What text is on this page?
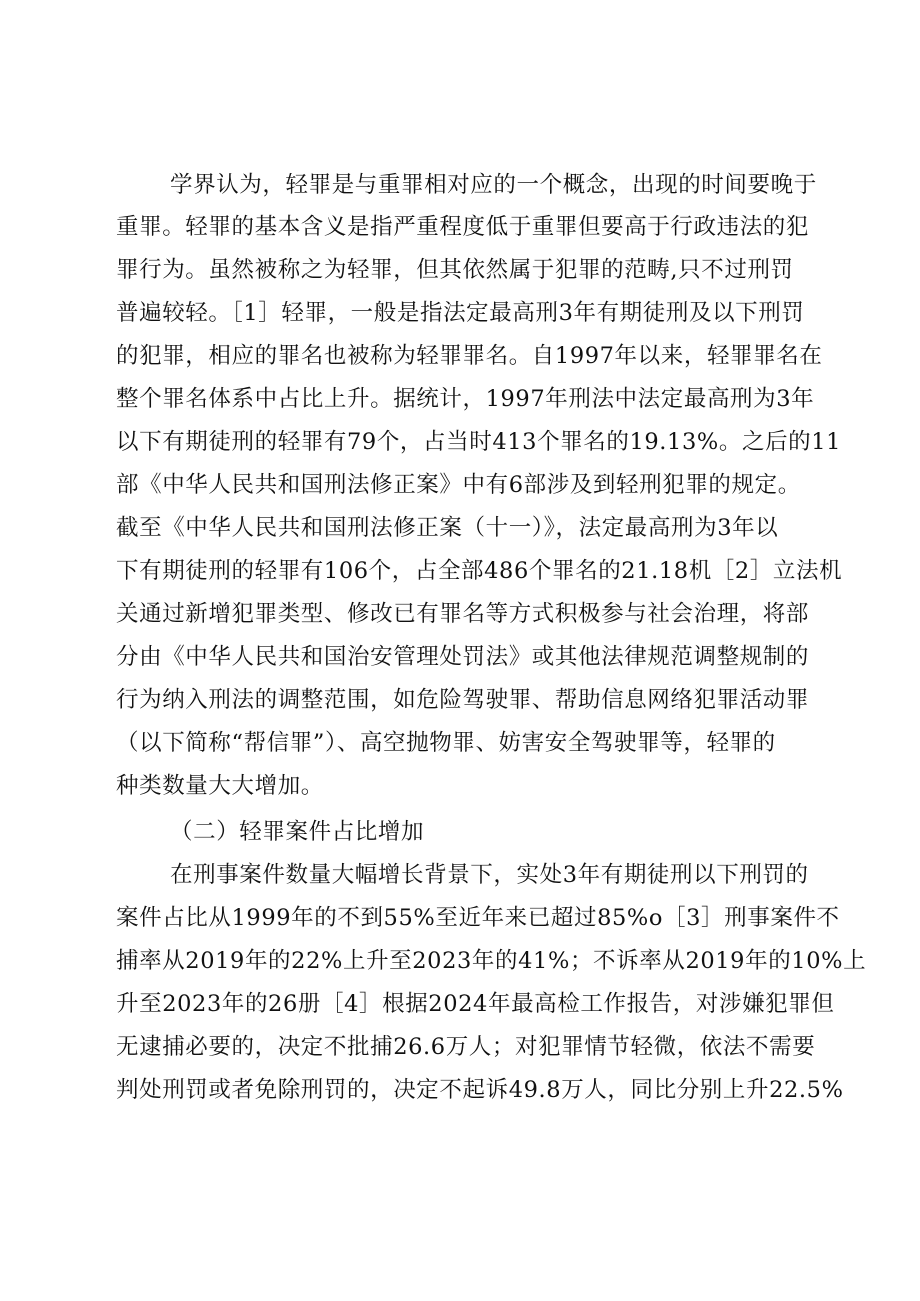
学界认为，轻罪是与重罪相对应的一个概念，出现的时间要晚于
重罪。轻罪的基本含义是指严重程度低于重罪但要高于行政违法的犯
罪行为。虽然被称之为轻罪，但其依然属于犯罪的范畴,只不过刑罚
普遍较轻。［1］轻罪，一般是指法定最高刑3年有期徒刑及以下刑罚
的犯罪，相应的罪名也被称为轻罪罪名。自1997年以来，轻罪罪名在
整个罪名体系中占比上升。据统计，1997年刑法中法定最高刑为3年
以下有期徒刑的轻罪有79个，占当时413个罪名的19.13%。之后的11
部《中华人民共和国刑法修正案》中有6部涉及到轻刑犯罪的规定。
截至《中华人民共和国刑法修正案（十一）》，法定最高刑为3年以
下有期徒刑的轻罪有106个，占全部486个罪名的21.18机［2］立法机
关通过新增犯罪类型、修改已有罪名等方式积极参与社会治理，将部
分由《中华人民共和国治安管理处罚法》或其他法律规范调整规制的
行为纳入刑法的调整范围，如危险驾驶罪、帮助信息网络犯罪活动罪
（以下简称“帮信罪”）、高空抛物罪、妨害安全驾驶罪等，轻罪的
种类数量大大增加。
（二）轻罪案件占比增加
在刑事案件数量大幅增长背景下，实处3年有期徒刑以下刑罚的
案件占比从1999年的不到55%至近年来已超过85%o［3］刑事案件不
捕率从2019年的22%上升至2023年的41%；不诉率从2019年的10%上
升至2023年的26册［4］根据2024年最高检工作报告，对涉嫌犯罪但
无逮捕必要的，决定不批捕26.6万人；对犯罪情节轻微，依法不需要
判处刑罚或者免除刑罚的，决定不起诉49.8万人，同比分别上升22.5%
